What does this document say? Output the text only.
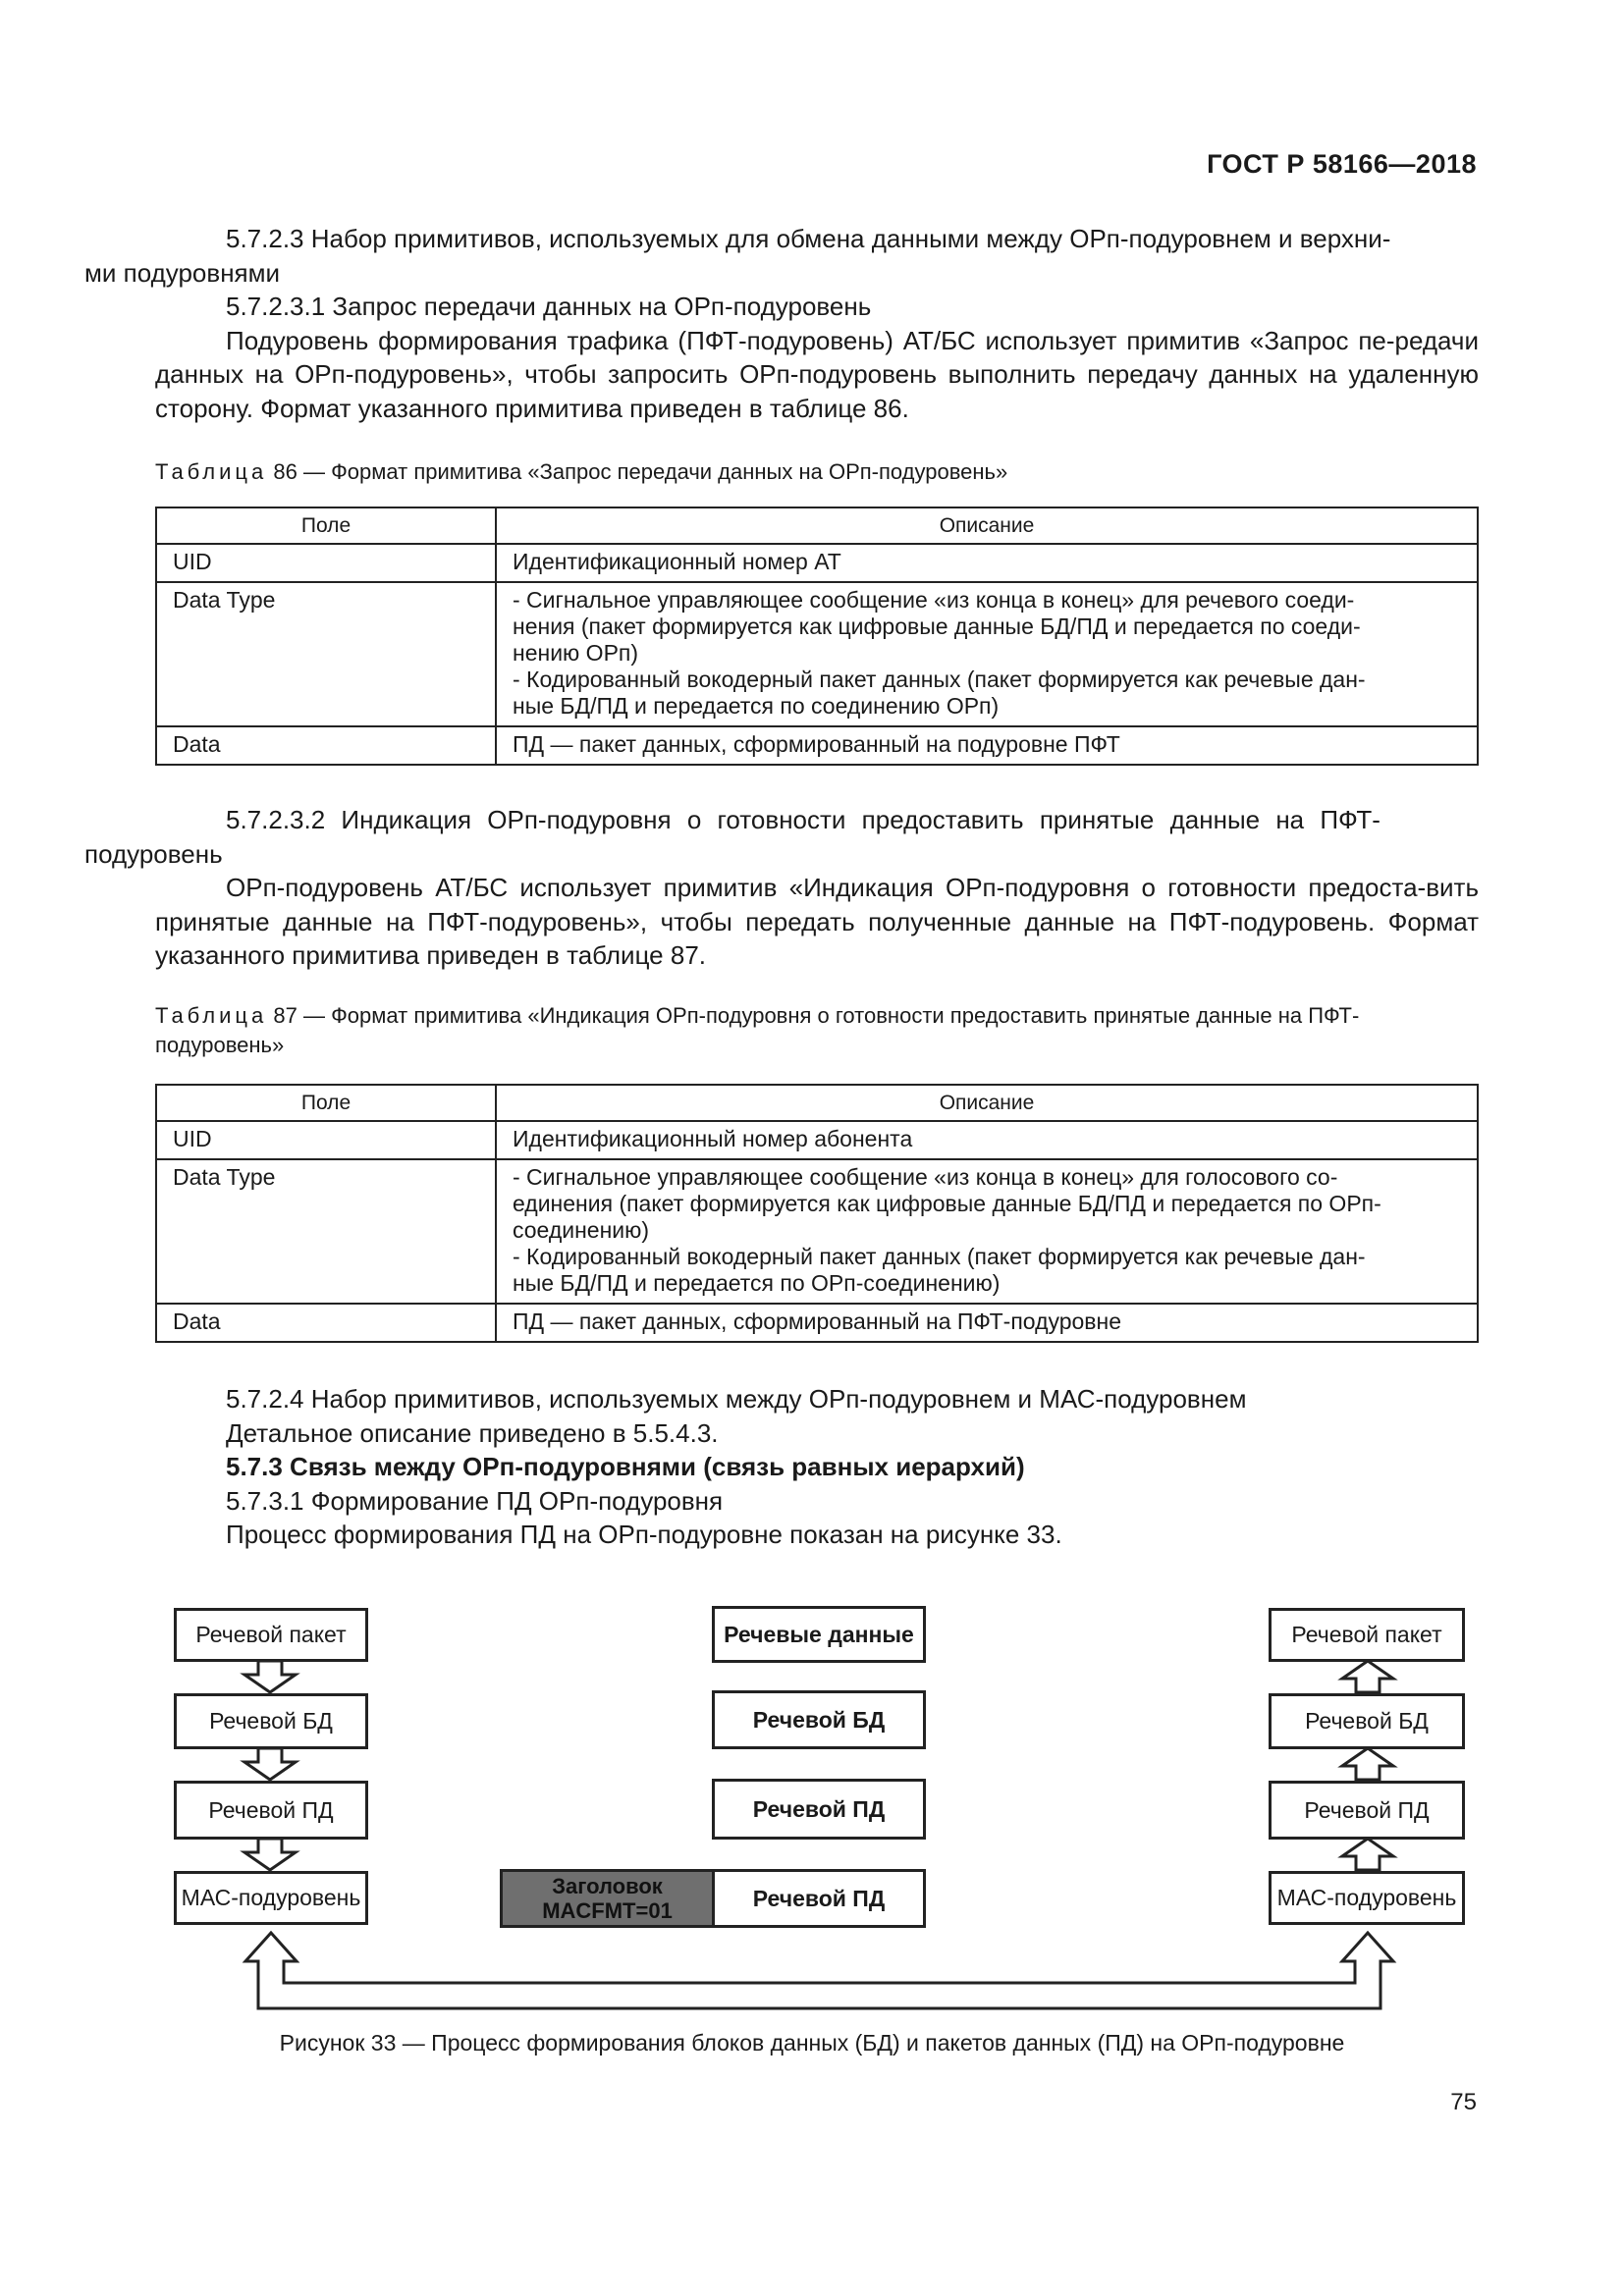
ГОСТ Р 58166—2018

5.7.2.3 Набор примитивов, используемых для обмена данными между ОРп-подуровнем и верхни-
ми подуровнями

5.7.2.3.1 Запрос передачи данных на ОРп-подуровень

Подуровень формирования трафика (ПФТ-подуровень) АТ/БС использует примитив «Запрос пе-редачи данных на ОРп-подуровень», чтобы запросить ОРп-подуровень выполнить передачу данных на удаленную сторону. Формат указанного примитива приведен в таблице 86.

Таблица 86 — Формат примитива «Запрос передачи данных на ОРп-подуровень»

Поле	Описание
UID	Идентификационный номер АТ
Data Type	- Сигнальное управляющее сообщение «из конца в конец» для речевого соеди-
нения (пакет формируется как цифровые данные БД/ПД и передается по соеди-
нению ОРп)
- Кодированный вокодерный пакет данных (пакет формируется как речевые дан-
ные БД/ПД и передается по соединению ОРп)

Data	ПД — пакет данных, сформированный на подуровне ПФТ

5.7.2.3.2 Индикация ОРп-подуровня о готовности предоставить принятые данные на ПФТ-
подуровень

ОРп-подуровень АТ/БС использует примитив «Индикация ОРп-подуровня о готовности предоста-вить принятые данные на ПФТ-подуровень», чтобы передать полученные данные на ПФТ-подуровень. Формат указанного примитива приведен в таблице 87.

Таблица 87 — Формат примитива «Индикация ОРп-подуровня о готовности предоставить принятые данные на ПФТ-подуровень»

Поле	Описание
UID	Идентификационный номер абонента
Data Type	- Сигнальное управляющее сообщение «из конца в конец» для голосового со-
единения (пакет формируется как цифровые данные БД/ПД и передается по ОРп-
соединению)
- Кодированный вокодерный пакет данных (пакет формируется как речевые дан-
ные БД/ПД и передается по ОРп-соединению)

Data	ПД — пакет данных, сформированный на ПФТ-подуровне

5.7.2.4 Набор примитивов, используемых между ОРп-подуровнем и МАС-подуровнем

Детальное описание приведено в 5.5.4.3.

5.7.3 Связь между ОРп-подуровнями (связь равных иерархий)

5.7.3.1 Формирование ПД ОРп-подуровня

Процесс формирования ПД на ОРп-подуровне показан на рисунке 33.

Речевой пакет
Речевой БД
Речевой ПД
МАС-подуровень
Речевые данные
Речевой БД
Речевой ПД
Заголовок
MACFMT=01	Речевой ПД
Речевой пакет
Речевой БД
Речевой ПД
МАС-подуровень
Рисунок 33 — Процесс формирования блоков данных (БД) и пакетов данных (ПД) на ОРп-подуровне
75
